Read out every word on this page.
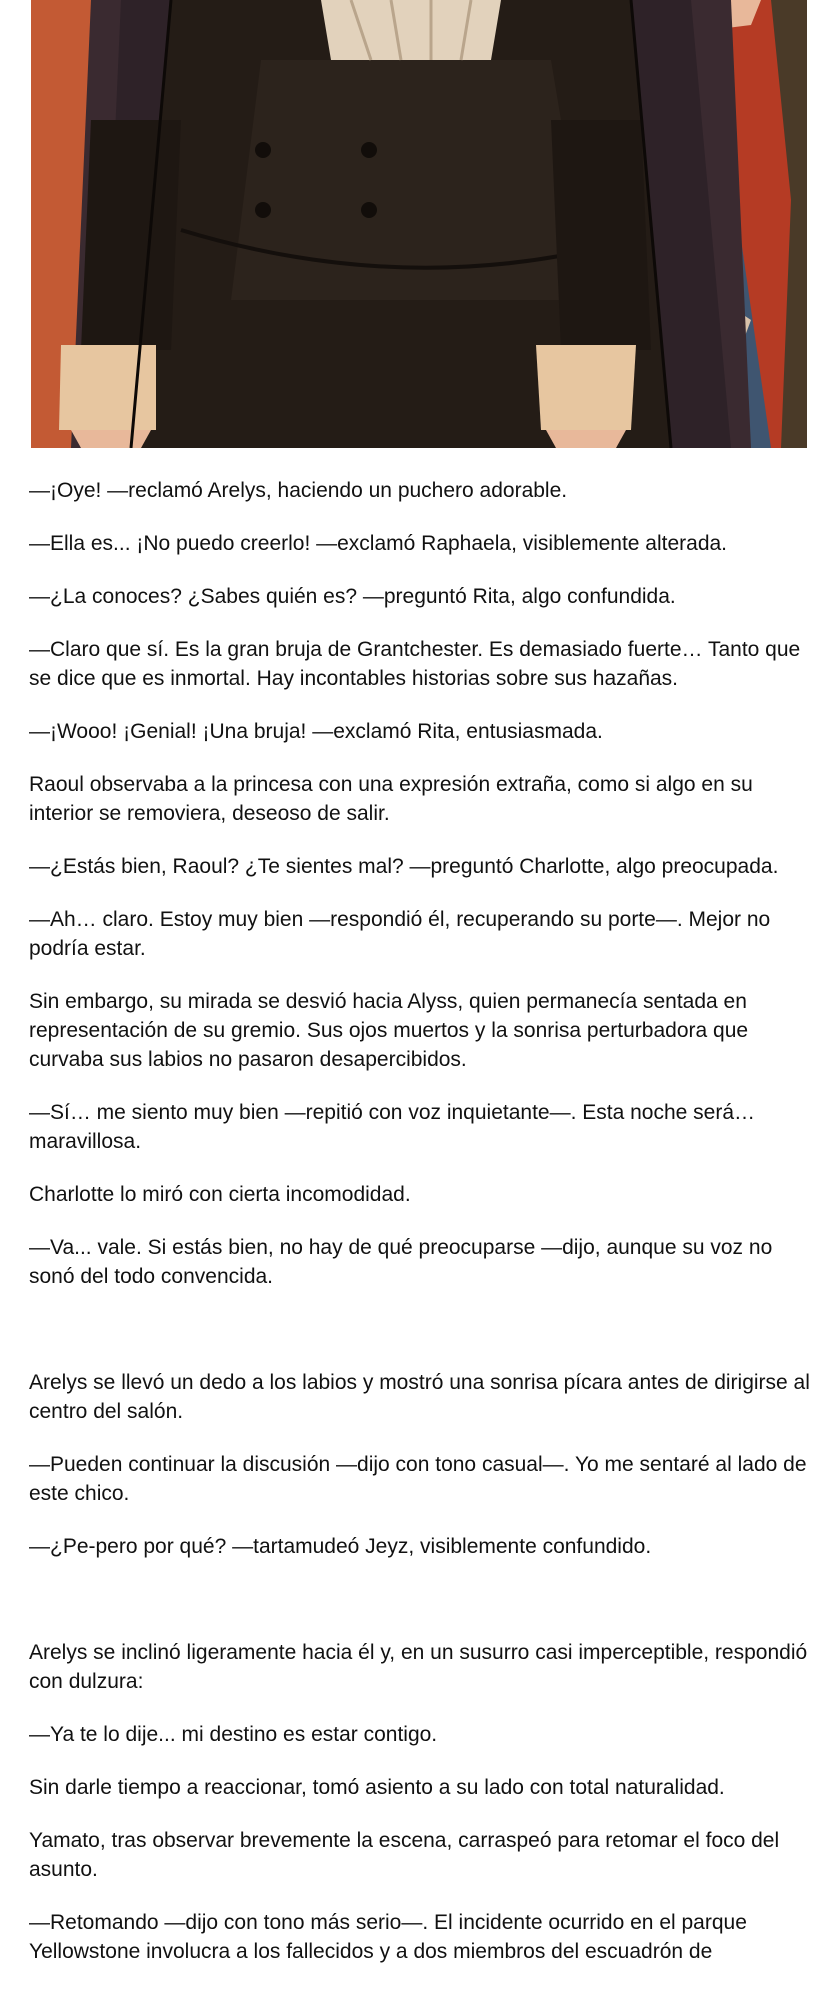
—¡Oye! —reclamó Arelys, haciendo un puchero adorable.

—Ella es... ¡No puedo creerlo! —exclamó Raphaela, visiblemente alterada.

—¿La conoces? ¿Sabes quién es? —preguntó Rita, algo confundida.

—Claro que sí. Es la gran bruja de Grantchester. Es demasiado fuerte… Tanto que se dice que es inmortal. Hay incontables historias sobre sus hazañas.

—¡Wooo! ¡Genial! ¡Una bruja! —exclamó Rita, entusiasmada.

Raoul observaba a la princesa con una expresión extraña, como si algo en su interior se removiera, deseoso de salir.

—¿Estás bien, Raoul? ¿Te sientes mal? —preguntó Charlotte, algo preocupada.

—Ah… claro. Estoy muy bien —respondió él, recuperando su porte—. Mejor no podría estar.

Sin embargo, su mirada se desvió hacia Alyss, quien permanecía sentada en representación de su gremio. Sus ojos muertos y la sonrisa perturbadora que curvaba sus labios no pasaron desapercibidos.

—Sí… me siento muy bien —repitió con voz inquietante—. Esta noche será… maravillosa.

Charlotte lo miró con cierta incomodidad.

—Va... vale. Si estás bien, no hay de qué preocuparse —dijo, aunque su voz no sonó del todo convencida.

Arelys se llevó un dedo a los labios y mostró una sonrisa pícara antes de dirigirse al centro del salón.

—Pueden continuar la discusión —dijo con tono casual—. Yo me sentaré al lado de este chico.

—¿Pe-pero por qué? —tartamudeó Jeyz, visiblemente confundido.

Arelys se inclinó ligeramente hacia él y, en un susurro casi imperceptible, respondió con dulzura:

—Ya te lo dije... mi destino es estar contigo.

Sin darle tiempo a reaccionar, tomó asiento a su lado con total naturalidad.

Yamato, tras observar brevemente la escena, carraspeó para retomar el foco del asunto.

—Retomando —dijo con tono más serio—. El incidente ocurrido en el parque Yellowstone involucra a los fallecidos y a dos miembros del escuadrón de
